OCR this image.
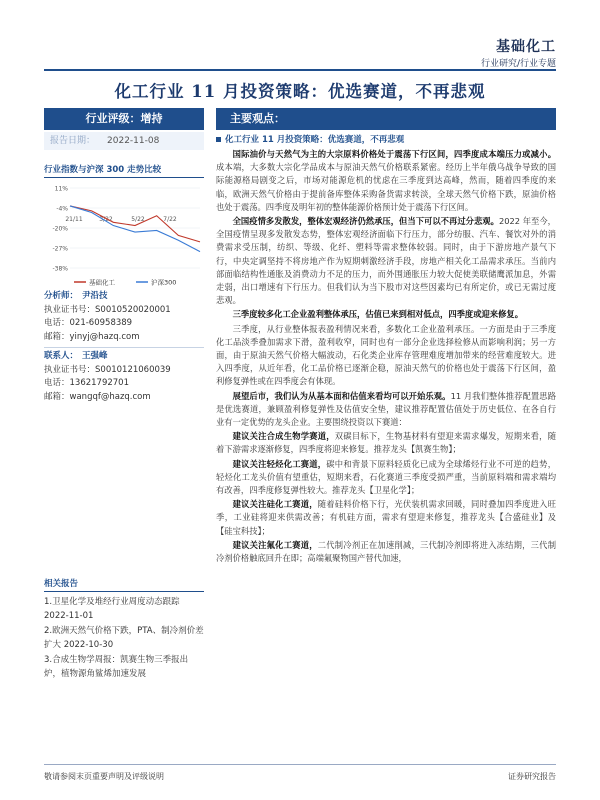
基础化工
行业研究/行业专题
化工行业 11 月投资策略：优选赛道，不再悲观
行业评级：增持
报告日期： 2022-11-08
行业指数与沪深 300 走势比较
11%
-4%
-20%
-27%
-38%
21/11	3/22	5/22	7/22
基础化工	沪深300
分析师： 尹沿技
执业证书号：S0010520020001
电话：021-60958389
邮箱：yinyj@hazq.com
联系人： 王强峰
执业证书号：S0010121060039
电话：13621792701
邮箱：wangqf@hazq.com
相关报告
1.卫星化学及堆经行业周度动态跟踪 2022-11-01
2.欧洲天然气价格下跌，PTA、制冷剂价差扩大 2022-10-30
3.合成生物学周报：凯赛生物三季报出炉，植物源角鲨烯加速发展
主要观点：
化工行业 11 月投资策略：优选赛道，不再悲观

国际油价与天然气为主的大宗原料价格处于震荡下行区间，四季度成本端压力或减小。成本端，大多数大宗化学品成本与原油天然气价格联系紧密。经历上半年俄乌战争导致的国际能源格局剧变之后，市场对能源危机的忧虑在三季度到达高峰，然而，随着四季度的来临，欧洲天然气价格由于提前备库整体采购备货需求转淡，全球天然气价格下跌，原油价格也处于震荡。四季度及明年初的整体能源价格预计处于震荡下行区间。

全国疫情多发散发，整体宏观经济仍然承压，但当下可以不再过分悲观。2022 年至今，全国疫情呈现多发散发态势，整体宏观经济面临下行压力，部分纺服、汽车、餐饮对外的消费需求受压制，纺织、等级、化纤、塑料等需求整体较弱。同时，由于下游房地产景气下行，中央定调坚持不将房地产作为短期刺激经济手段，房地产相关化工品需求承压。当前内部面临结构性通胀及消费动力不足的压力，而外围通胀压力较大促使美联储鹰派加息，外需走弱，出口增速有下行压力。但我们认为当下股市对这些因素均已有所定价，或已无需过度悲观。

三季度较多化工企业盈利整体承压，估值已来到相对低点，四季度或迎来修复。

三季度，从行业整体报表盈利情况来看，多数化工企业盈利承压。一方面是由于三季度化工品淡季叠加需求下滑，盈利收窄，同时也有一部分企业选择检修从而影响利润；另一方面，由于原油天然气价格大幅波动，石化类企业库存管理难度增加带来的经营难度较大。进入四季度，从近年看，化工品价格已逐渐企稳，原油天然气的价格也处于震荡下行区间，盈利修复弹性或在四季度会有体现。

展望后市，我们认为从基本面和估值来看均可以开始乐观。11 月我们整体推荐配置思路是优选赛道，兼顾盈利修复弹性及估值安全垫，建议推荐配置估值处于历史低位、在各自行业有一定优势的龙头企业。主要围绕投资以下赛道：

建议关注合成生物学赛道，双碳目标下，生物基材料有望迎来需求爆发，短期来看，随着下游需求逐渐修复，四季度将迎来修复。推荐龙头【凯赛生物】；

建议关注轻烃化工赛道，碳中和背景下原料轻质化已成为全球烯烃行业不可逆的趋势，轻烃化工龙头价值有望重估，短期来看，石化赛道三季度受损严重，当前原料端和需求端均有改善，四季度修复弹性较大。推荐龙头【卫星化学】；

建议关注硅化工赛道，随着硅料价格下行，光伏装机需求回暖，同时叠加四季度进入旺季，工业硅将迎来供需改善；有机硅方面，需求有望迎来修复，推荐龙头【合盛硅业】及【硅宝科技】；

建议关注氟化工赛道，二代制冷剂正在加速削减，三代制冷剂即将进入冻结期，三代制冷剂价格触底回升在即；高端氟聚物国产替代加速，

敬请参阅末页重要声明及评级说明	证券研究报告
